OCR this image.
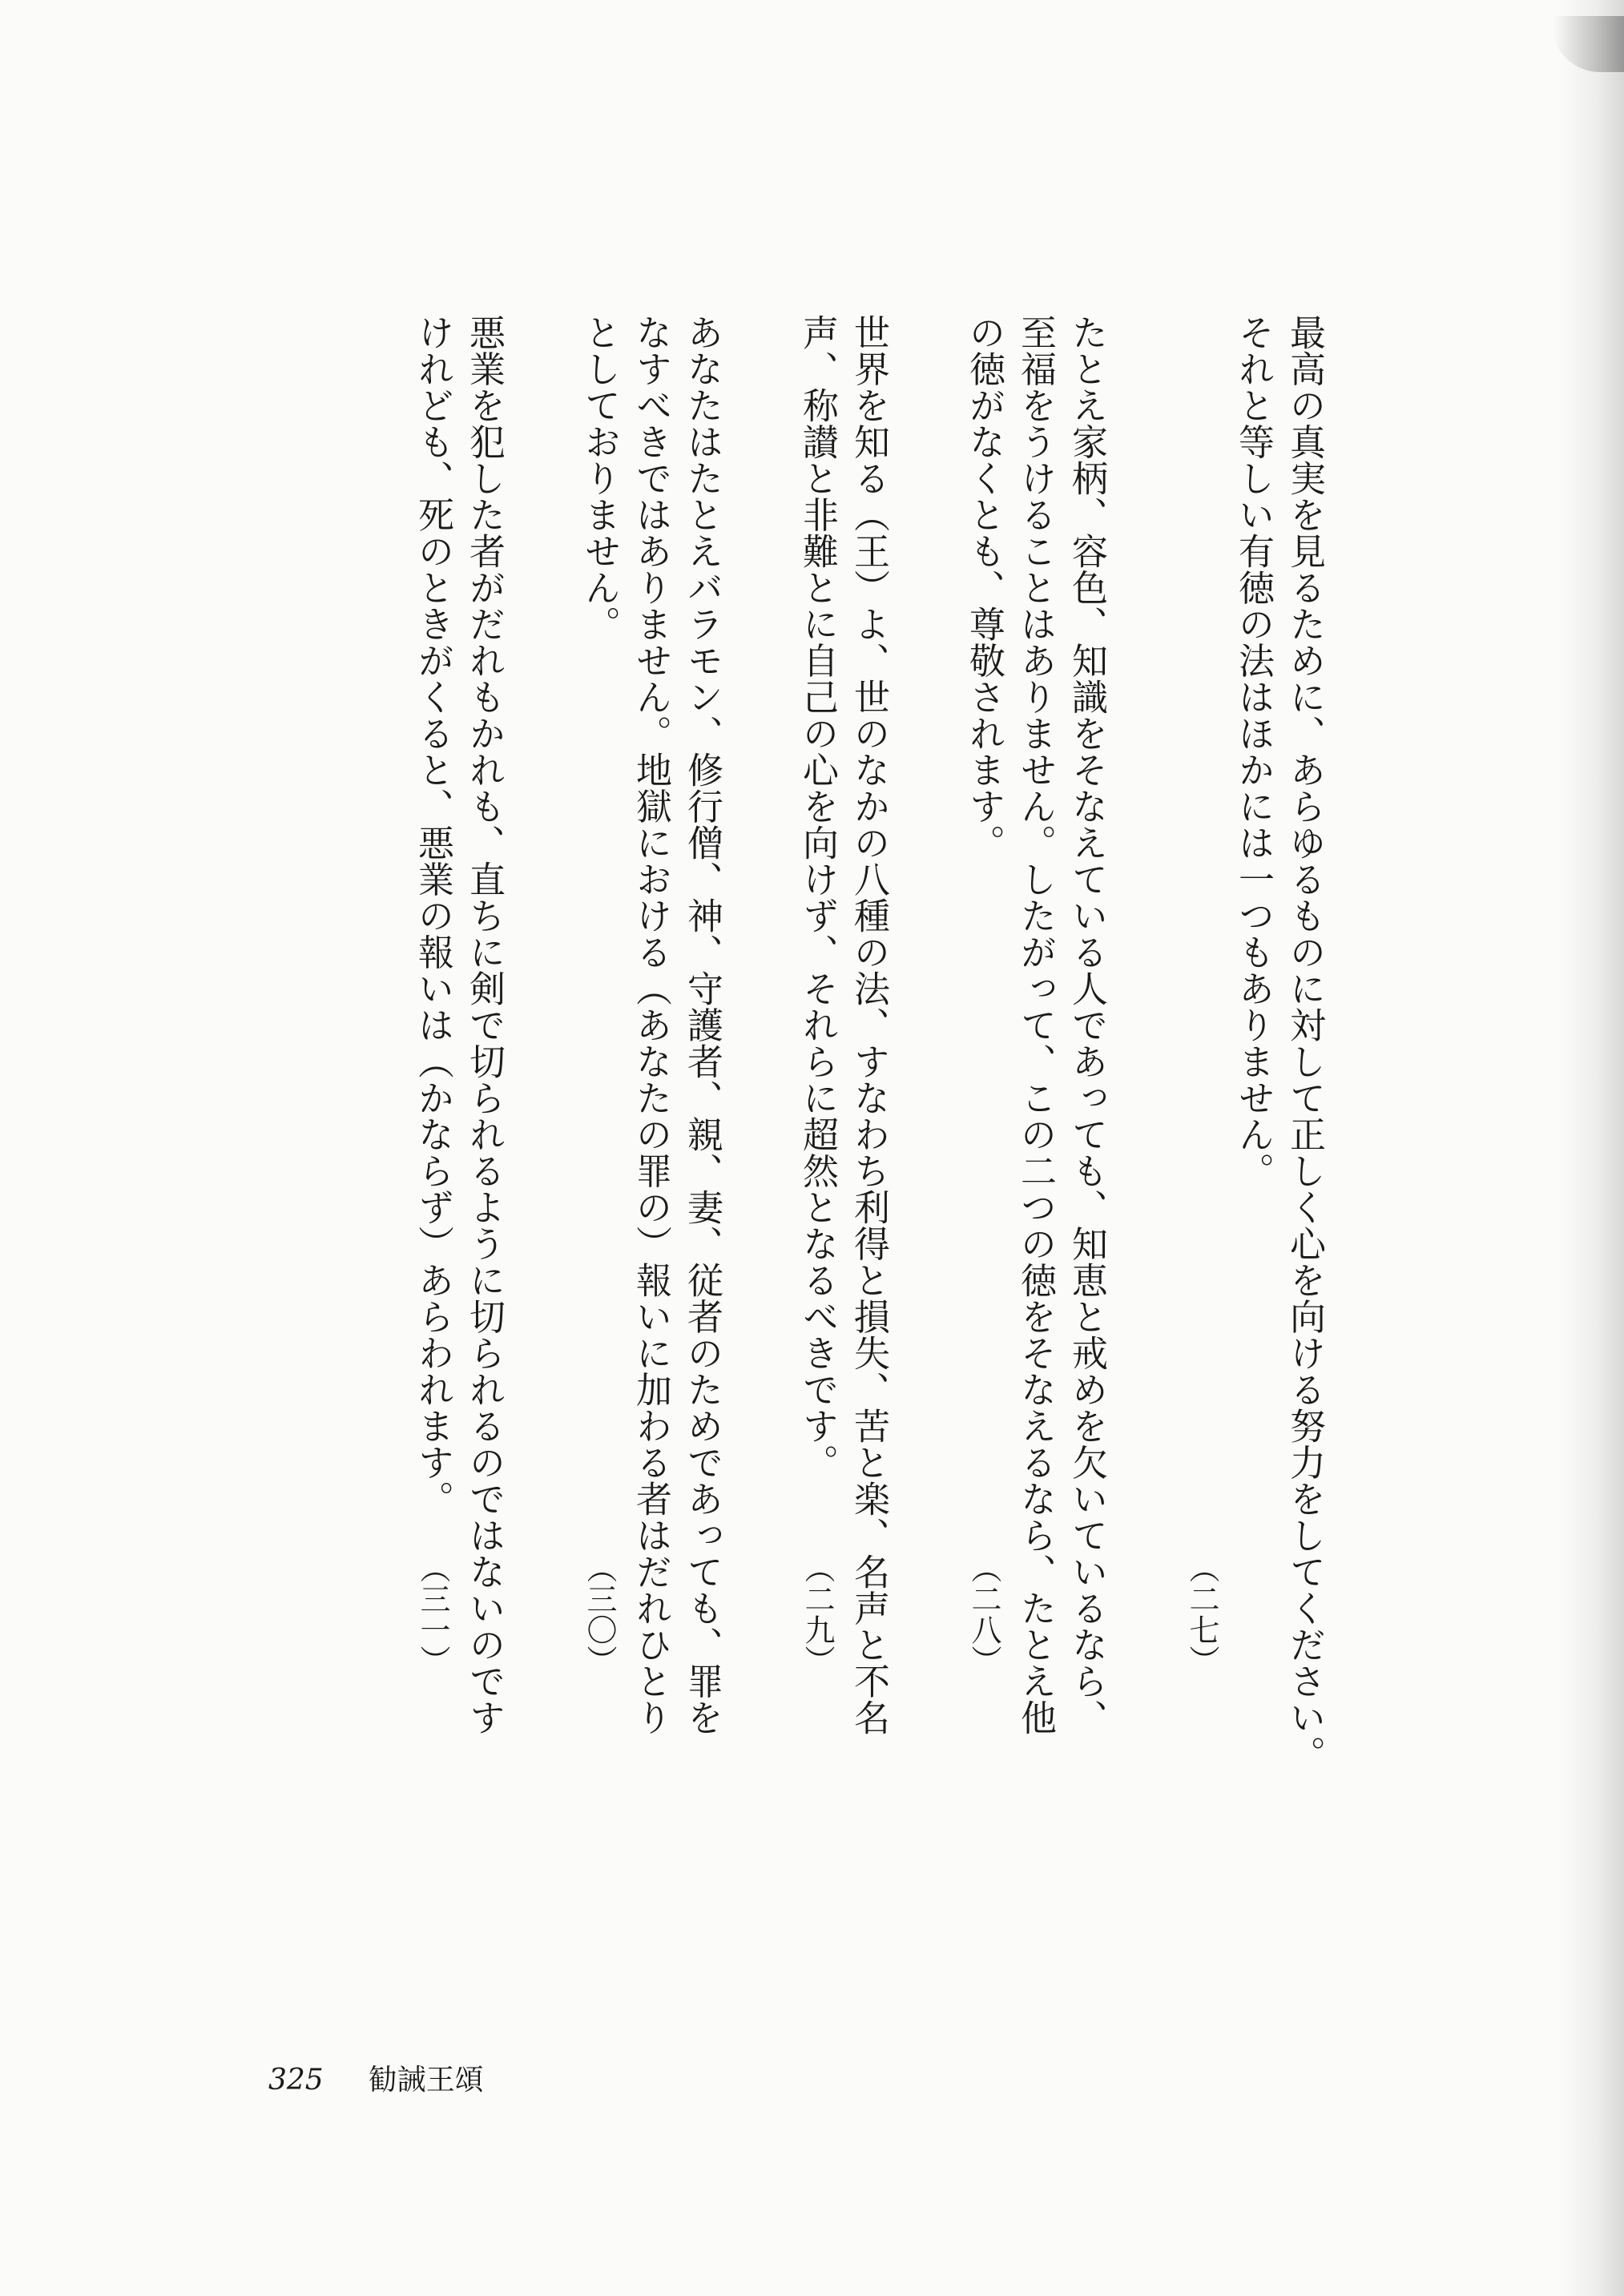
最高の真実を見るために、あらゆるものに対して正しく心を向ける努力をしてください。
それと等しい有徳の法はほかには一つもありません。
（二七）
たとえ家柄、容色、知識をそなえている人であっても、知恵と戒めを欠いているなら、
至福をうけることはありません。したがって、この二つの徳をそなえるなら、たとえ他
の徳がなくとも、尊敬されます。
（二八）
世界を知る（王）よ、世のなかの八種の法、すなわち利得と損失、苦と楽、名声と不名
声、称讃と非難とに自己の心を向けず、それらに超然となるべきです。
（二九）
あなたはたとえバラモン、修行僧、神、守護者、親、妻、従者のためであっても、罪を
なすべきではありません。地獄における（あなたの罪の）報いに加わる者はだれひとり
としておりません。
（三〇）
悪業を犯した者がだれもかれも、直ちに剣で切られるように切られるのではないのです
けれども、死のときがくると、悪業の報いは（かならず）あらわれます。
（三一）
325 勧誡王頌
